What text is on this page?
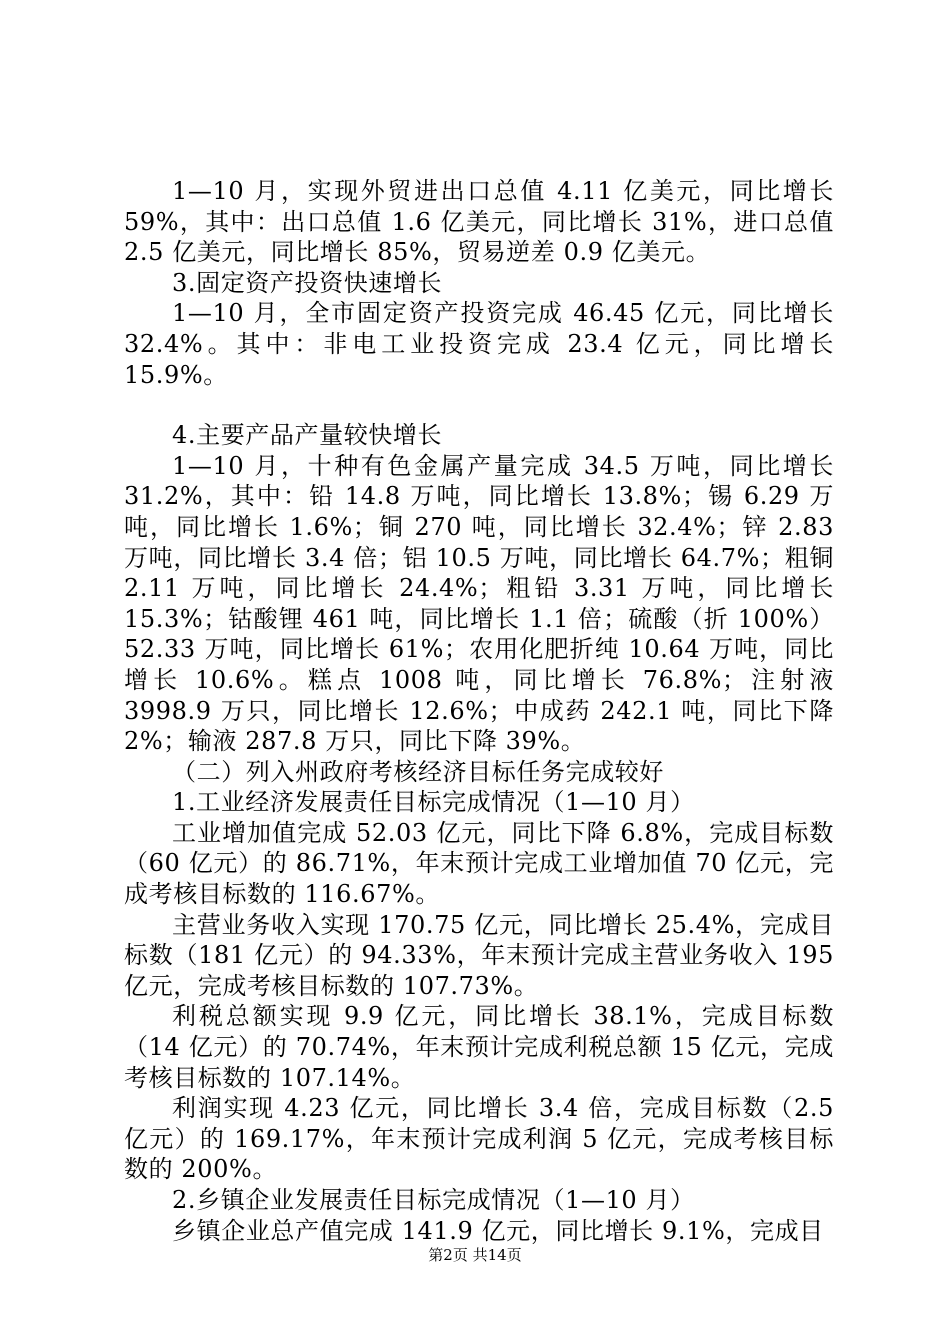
1—10 月，实现外贸进出口总值 4.11 亿美元，同比增长 59%，其中：出口总值 1.6 亿美元，同比增长 31%，进口总值 2.5 亿美元，同比增长 85%，贸易逆差 0.9 亿美元。

3.固定资产投资快速增长

1—10 月，全市固定资产投资完成 46.45 亿元，同比增长 32.4%。其中：非电工业投资完成 23.4 亿元，同比增长 15.9%。

4.主要产品产量较快增长

1—10 月，十种有色金属产量完成 34.5 万吨，同比增长 31.2%，其中：铅 14.8 万吨，同比增长 13.8%；锡 6.29 万吨，同比增长 1.6%；铜 270 吨，同比增长 32.4%；锌 2.83 万吨，同比增长 3.4 倍；铝 10.5 万吨，同比增长 64.7%；粗铜 2.11 万吨，同比增长 24.4%；粗铅 3.31 万吨，同比增长 15.3%；钴酸锂 461 吨，同比增长 1.1 倍；硫酸（折 100%）52.33 万吨，同比增长 61%；农用化肥折纯 10.64 万吨，同比增长 10.6%。糕点 1008 吨，同比增长 76.8%；注射液 3998.9 万只，同比增长 12.6%；中成药 242.1 吨，同比下降 2%；输液 287.8 万只，同比下降 39%。

（二）列入州政府考核经济目标任务完成较好

1.工业经济发展责任目标完成情况（1—10 月）

工业增加值完成 52.03 亿元，同比下降 6.8%，完成目标数（60 亿元）的 86.71%，年末预计完成工业增加值 70 亿元，完成考核目标数的 116.67%。

主营业务收入实现 170.75 亿元，同比增长 25.4%，完成目标数（181 亿元）的 94.33%，年末预计完成主营业务收入 195 亿元，完成考核目标数的 107.73%。

利税总额实现 9.9 亿元，同比增长 38.1%，完成目标数（14 亿元）的 70.74%，年末预计完成利税总额 15 亿元，完成考核目标数的 107.14%。

利润实现 4.23 亿元，同比增长 3.4 倍，完成目标数（2.5 亿元）的 169.17%，年末预计完成利润 5 亿元，完成考核目标数的 200%。

2.乡镇企业发展责任目标完成情况（1—10 月）

乡镇企业总产值完成 141.9 亿元，同比增长 9.1%，完成目

第2页 共14页
